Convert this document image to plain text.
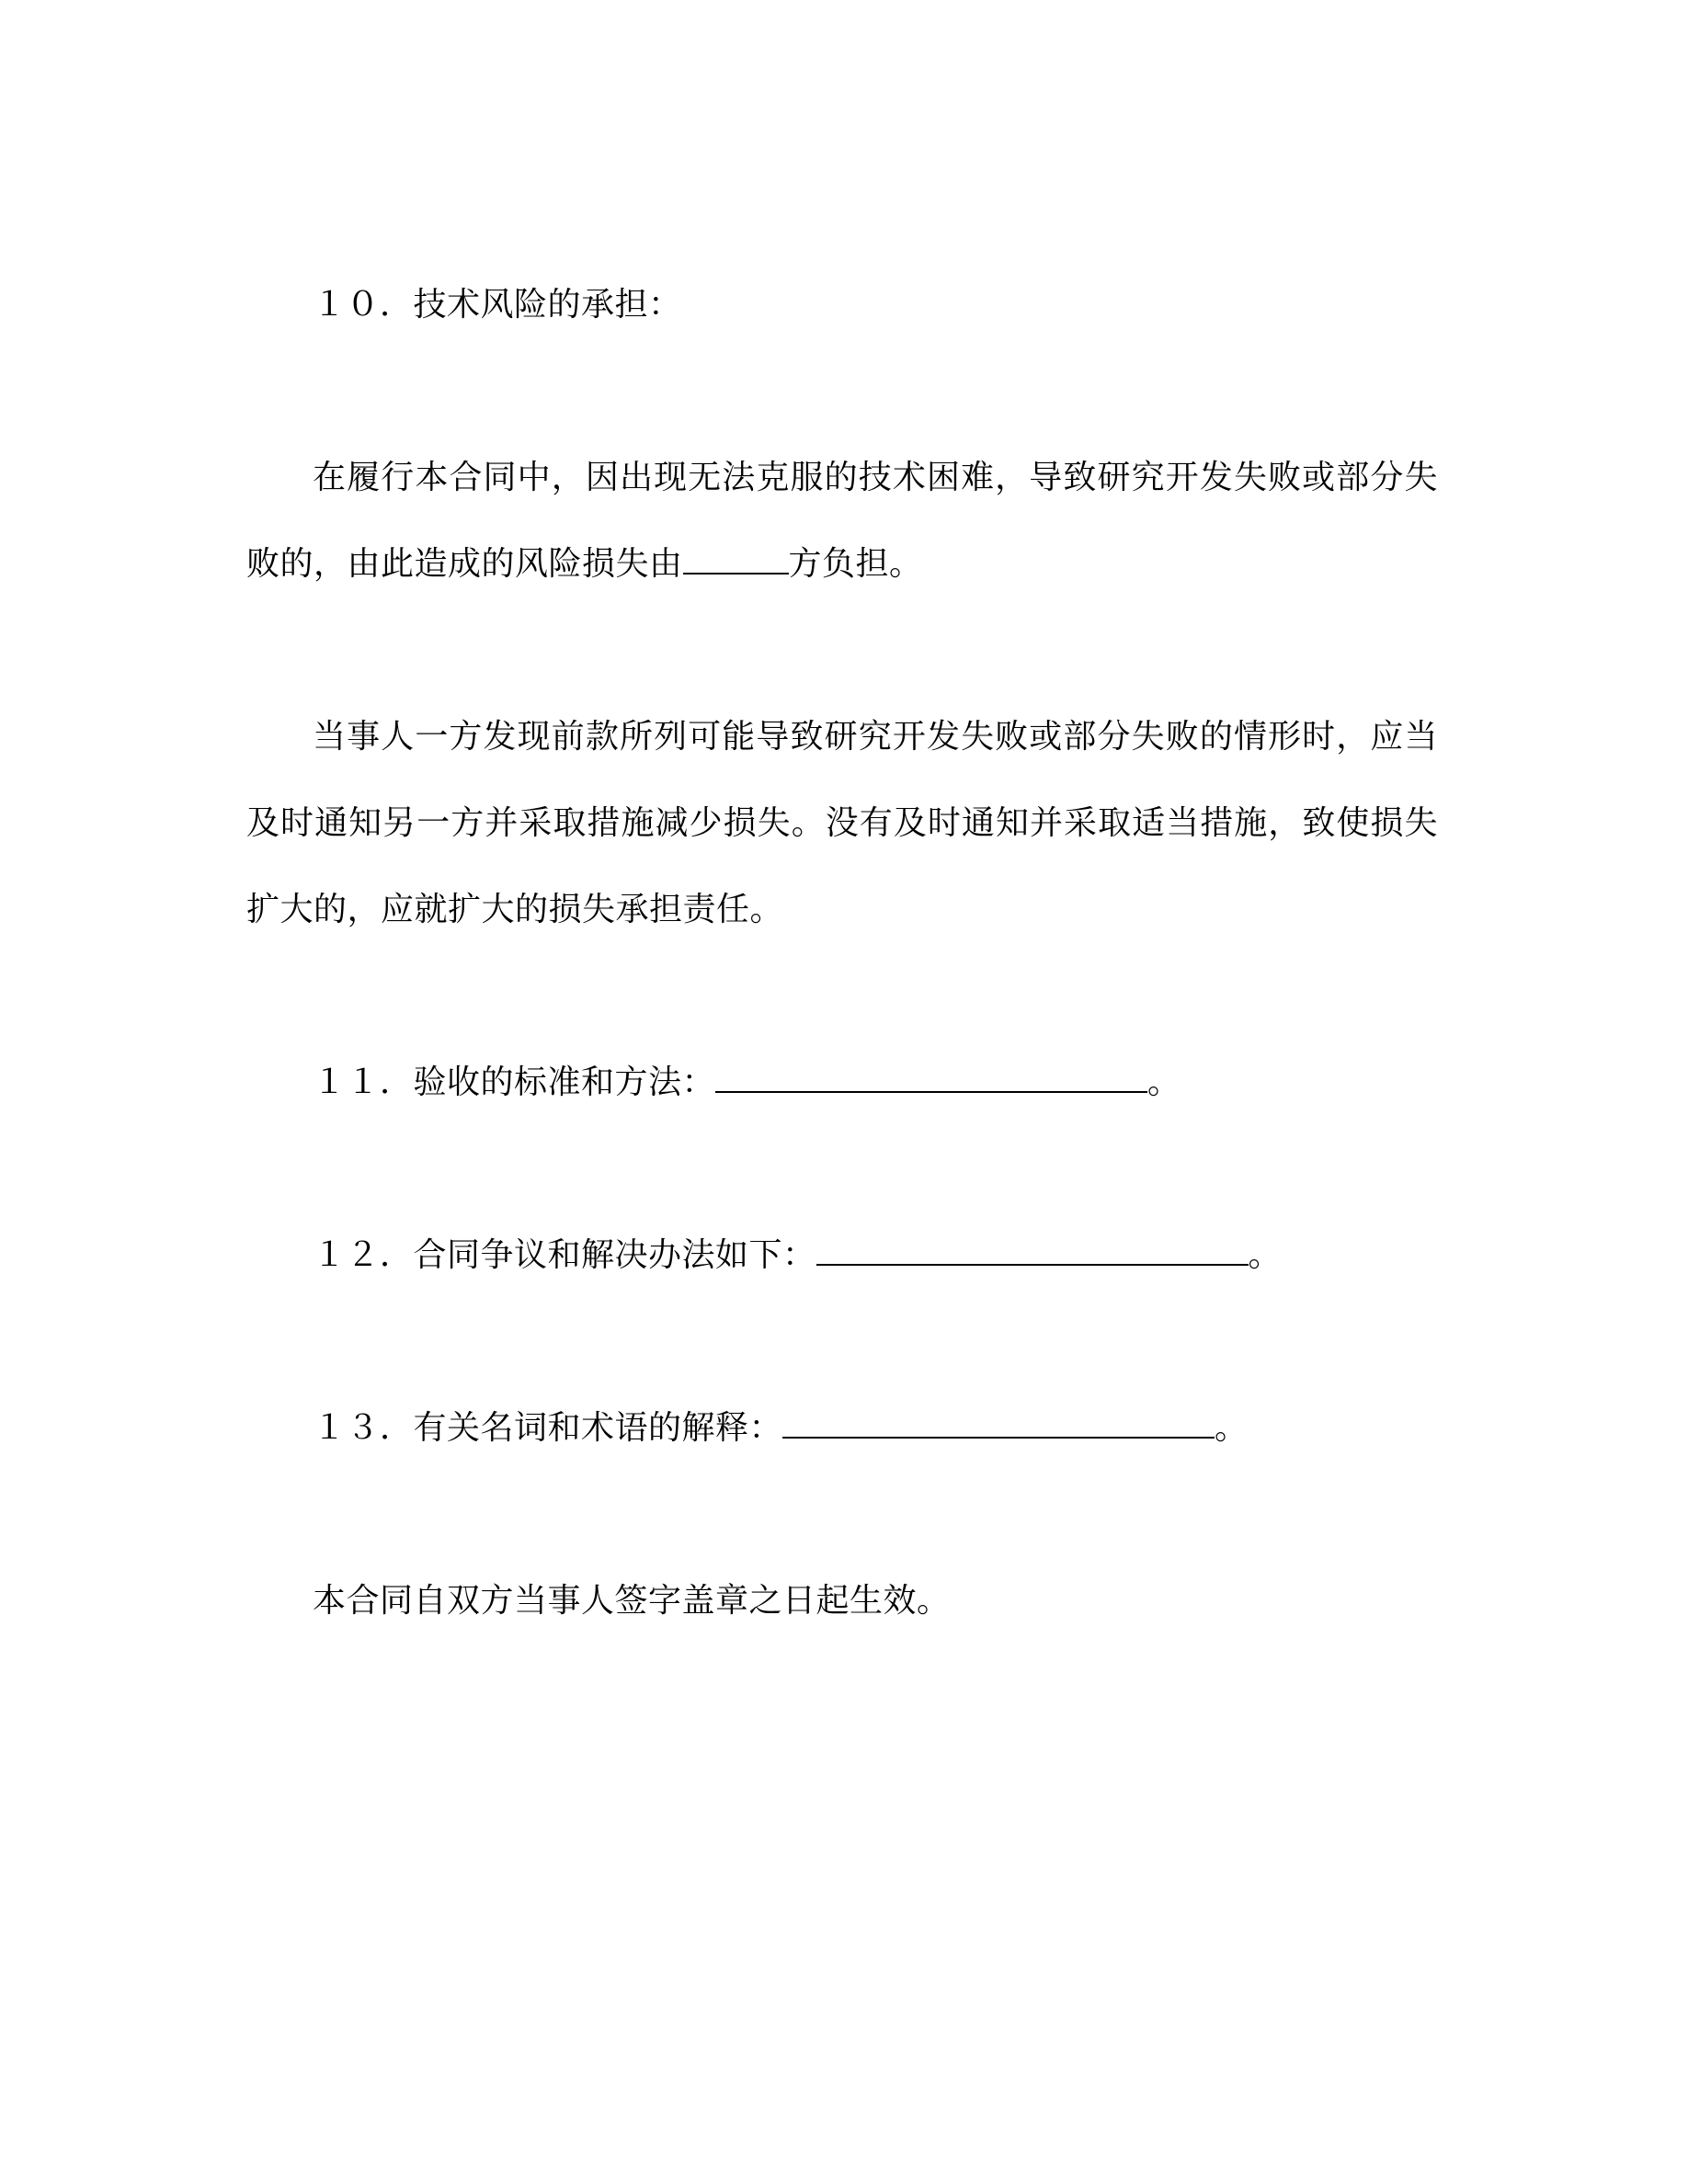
１０．技术风险的承担：

在履行本合同中，因出现无法克服的技术困难，导致研究开发失败或部分失败的，由此造成的风险损失由	方负担。

当事人一方发现前款所列可能导致研究开发失败或部分失败的情形时，应当及时通知另一方并采取措施减少损失。没有及时通知并采取适当措施，致使损失扩大的，应就扩大的损失承担责任。

１１．验收的标准和方法：	。

１２．合同争议和解决办法如下：	。

１３．有关名词和术语的解释：	。

本合同自双方当事人签字盖章之日起生效。
